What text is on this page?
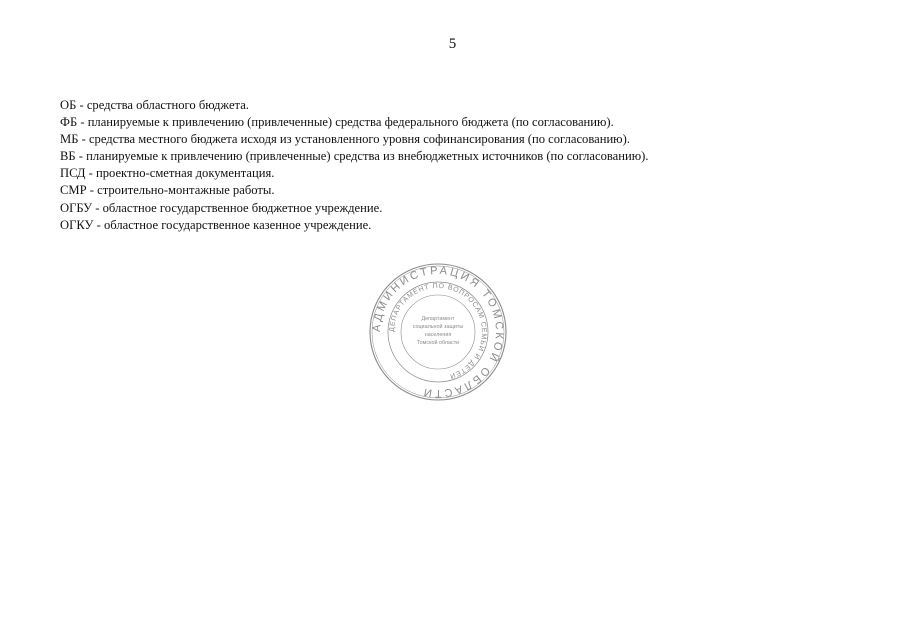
5
ОБ - средства областного бюджета.
ФБ - планируемые к привлечению (привлеченные) средства федерального бюджета (по согласованию).
МБ - средства местного бюджета исходя из установленного уровня софинансирования (по согласованию).
ВБ - планируемые к привлечению (привлеченные) средства из внебюджетных источников (по согласованию).
ПСД - проектно-сметная документация.
СМР - строительно-монтажные работы.
ОГБУ - областное государственное бюджетное учреждение.
ОГКУ - областное государственное казенное учреждение.
АДМИНИСТРАЦИЯ ТОМСКОЙ ОБЛАСТИ
ДЕПАРТАМЕНТ ПО ВОПРОСАМ СЕМЬИ И ДЕТЕЙ
Департамент
социальной защиты
населения
Томской области
